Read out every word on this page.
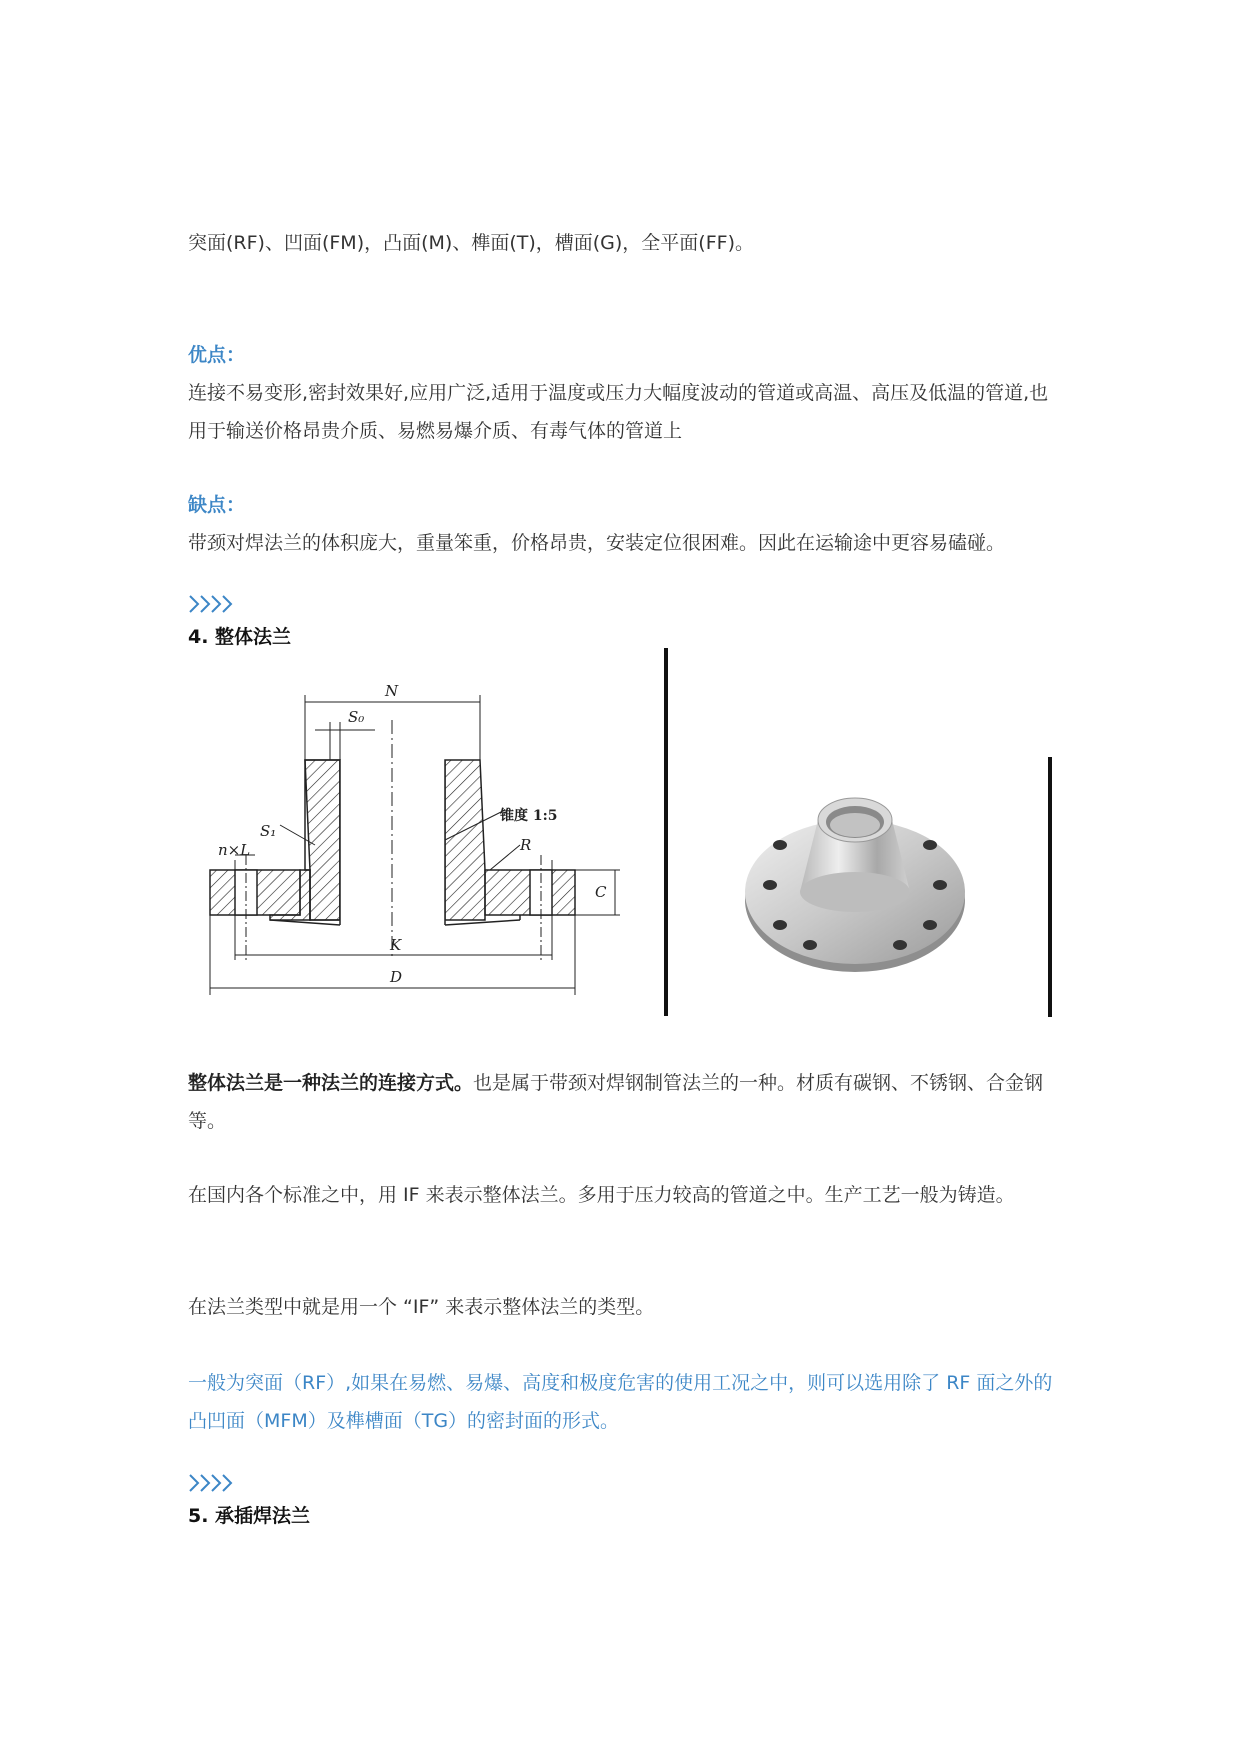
突面(RF)、凹面(FM)，凸面(M)、榫面(T)，槽面(G)，全平面(FF)。

优点：

连接不易变形,密封效果好,应用广泛,适用于温度或压力大幅度波动的管道或高温、高压及低温的管道,也用于输送价格昂贵介质、易燃易爆介质、有毒气体的管道上

缺点：

带颈对焊法兰的体积庞大，重量笨重，价格昂贵，安装定位很困难。因此在运输途中更容易磕碰。

4. 整体法兰
N
S₀
S₁
锥度 1:5
R
n×L
C
K
D

整体法兰是一种法兰的连接方式。也是属于带颈对焊钢制管法兰的一种。材质有碳钢、不锈钢、合金钢等。

在国内各个标准之中，用 IF 来表示整体法兰。多用于压力较高的管道之中。生产工艺一般为铸造。

在法兰类型中就是用一个 “IF” 来表示整体法兰的类型。

一般为突面（RF）,如果在易燃、易爆、高度和极度危害的使用工况之中，则可以选用除了 RF 面之外的凸凹面（MFM）及榫槽面（TG）的密封面的形式。

5. 承插焊法兰
